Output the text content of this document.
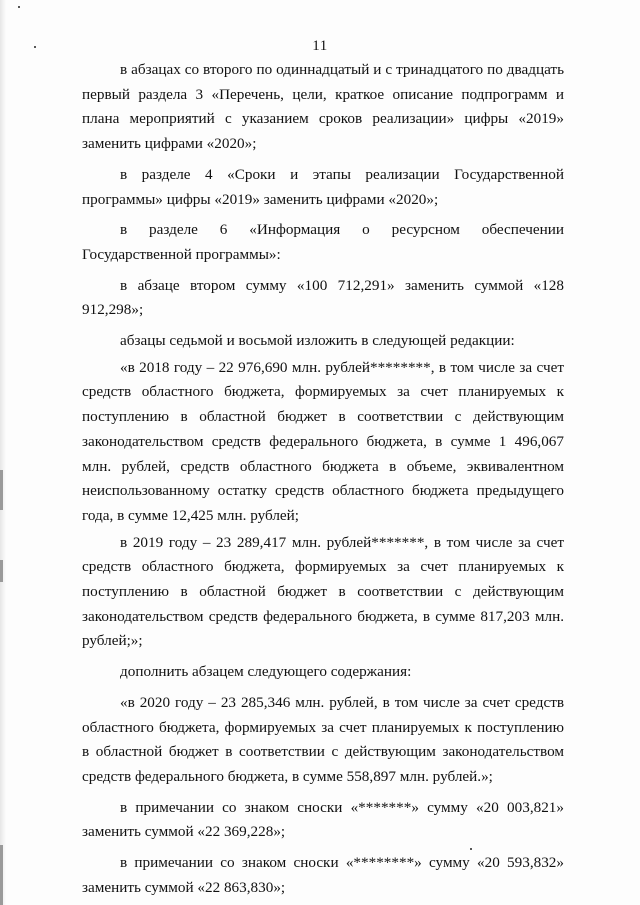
11

в абзацах со второго по одиннадцатый и с тринадцатого по двадцать первый раздела 3 «Перечень, цели, краткое описание подпрограмм и плана мероприятий с указанием сроков реализации» цифры «2019» заменить цифрами «2020»;

в разделе 4 «Сроки и этапы реализации Государственной программы» цифры «2019» заменить цифрами «2020»;

в разделе 6 «Информация о ресурсном обеспечении Государственной программы»:

в абзаце втором сумму «100 712,291» заменить суммой «128 912,298»;

абзацы седьмой и восьмой изложить в следующей редакции:

«в 2018 году – 22 976,690 млн. рублей********, в том числе за счет средств областного бюджета, формируемых за счет планируемых к поступлению в областной бюджет в соответствии с действующим законодательством средств федерального бюджета, в сумме 1 496,067 млн. рублей, средств областного бюджета в объеме, эквивалентном неиспользованному остатку средств областного бюджета предыдущего года, в сумме 12,425 млн. рублей;

в 2019 году – 23 289,417 млн. рублей*******, в том числе за счет средств областного бюджета, формируемых за счет планируемых к поступлению в областной бюджет в соответствии с действующим законодательством средств федерального бюджета, в сумме 817,203 млн. рублей;»;

дополнить абзацем следующего содержания:

«в 2020 году – 23 285,346 млн. рублей, в том числе за счет средств областного бюджета, формируемых за счет планируемых к поступлению в областной бюджет в соответствии с действующим законодательством средств федерального бюджета, в сумме 558,897 млн. рублей.»;

в примечании со знаком сноски «*******» сумму «20 003,821» заменить суммой «22 369,228»;

в примечании со знаком сноски «********» сумму «20 593,832» заменить суммой «22 863,830»;
